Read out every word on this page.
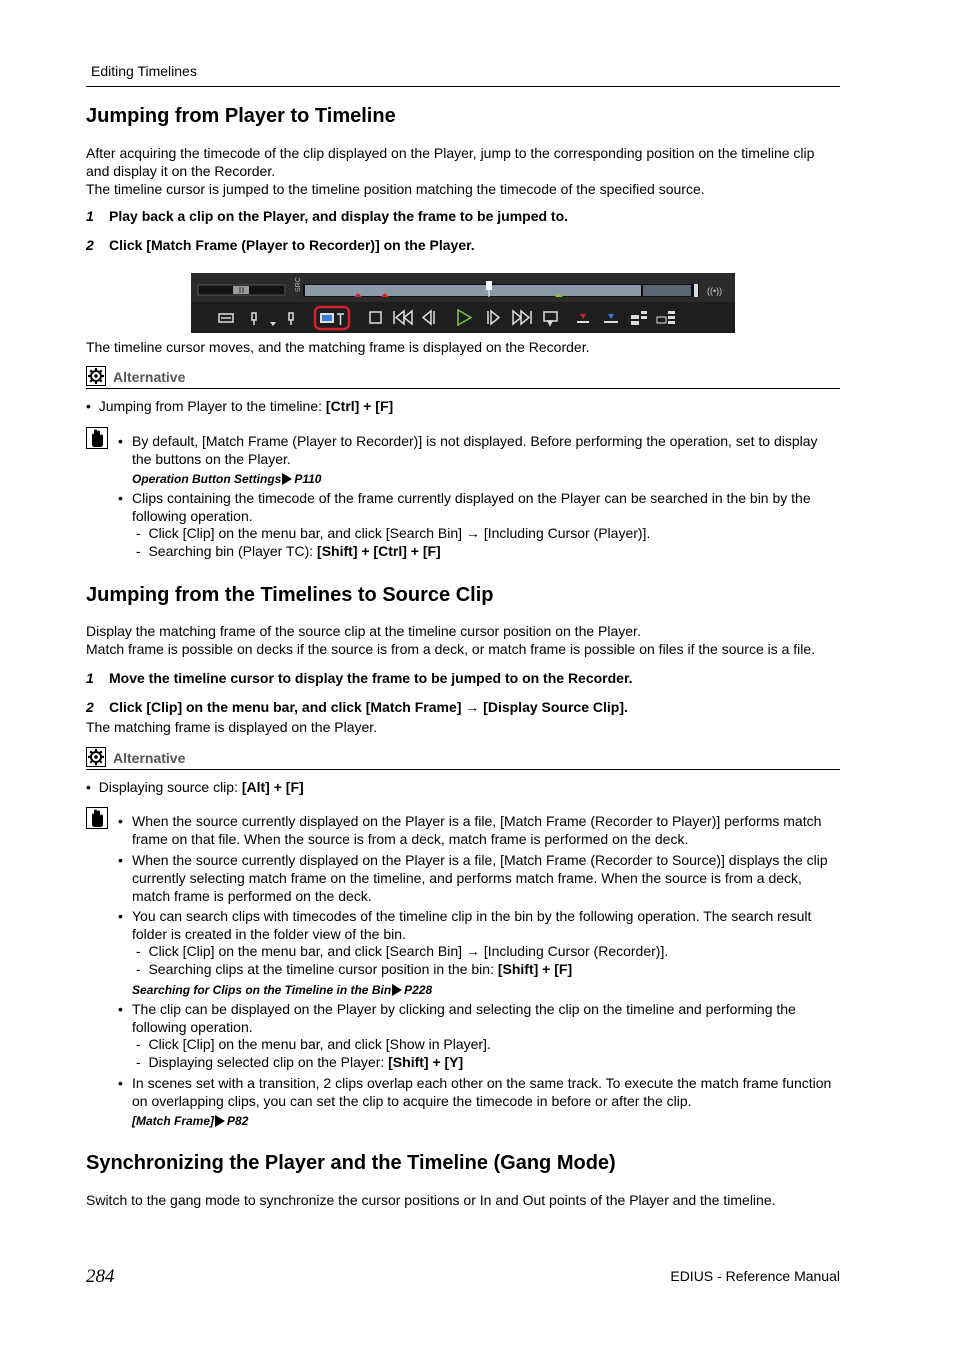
Editing Timelines
Jumping from Player to Timeline

After acquiring the timecode of the clip displayed on the Player, jump to the corresponding position on the timeline clip and display it on the Recorder.
The timeline cursor is jumped to the timeline position matching the timecode of the specified source.

1 Play back a clip on the Player, and display the frame to be jumped to.
2 Click [Match Frame (Player to Recorder)] on the Player.
SRC	((•))

The timeline cursor moves, and the matching frame is displayed on the Recorder.

Alternative
• Jumping from Player to the timeline: [Ctrl] + [F]
• By default, [Match Frame (Player to Recorder)] is not displayed. Before performing the operation, set to display the buttons on the Player.
Operation Button Settings P110
• Clips containing the timecode of the frame currently displayed on the Player can be searched in the bin by the following operation.
- Click [Clip] on the menu bar, and click [Search Bin] → [Including Cursor (Player)].
- Searching bin (Player TC): [Shift] + [Ctrl] + [F]
Jumping from the Timelines to Source Clip

Display the matching frame of the source clip at the timeline cursor position on the Player.
Match frame is possible on decks if the source is from a deck, or match frame is possible on files if the source is a file.

1 Move the timeline cursor to display the frame to be jumped to on the Recorder.
2 Click [Clip] on the menu bar, and click [Match Frame] → [Display Source Clip].

The matching frame is displayed on the Player.

Alternative
• Displaying source clip: [Alt] + [F]
• When the source currently displayed on the Player is a file, [Match Frame (Recorder to Player)] performs match frame on that file. When the source is from a deck, match frame is performed on the deck.
• When the source currently displayed on the Player is a file, [Match Frame (Recorder to Source)] displays the clip currently selecting match frame on the timeline, and performs match frame. When the source is from a deck, match frame is performed on the deck.
• You can search clips with timecodes of the timeline clip in the bin by the following operation. The search result folder is created in the folder view of the bin.
- Click [Clip] on the menu bar, and click [Search Bin] → [Including Cursor (Recorder)].
- Searching clips at the timeline cursor position in the bin: [Shift] + [F]
Searching for Clips on the Timeline in the Bin P228
• The clip can be displayed on the Player by clicking and selecting the clip on the timeline and performing the following operation.
- Click [Clip] on the menu bar, and click [Show in Player].
- Displaying selected clip on the Player: [Shift] + [Y]
• In scenes set with a transition, 2 clips overlap each other on the same track. To execute the match frame function on overlapping clips, you can set the clip to acquire the timecode in before or after the clip.
[Match Frame] P82
Synchronizing the Player and the Timeline (Gang Mode)

Switch to the gang mode to synchronize the cursor positions or In and Out points of the Player and the timeline.

284	EDIUS - Reference Manual
